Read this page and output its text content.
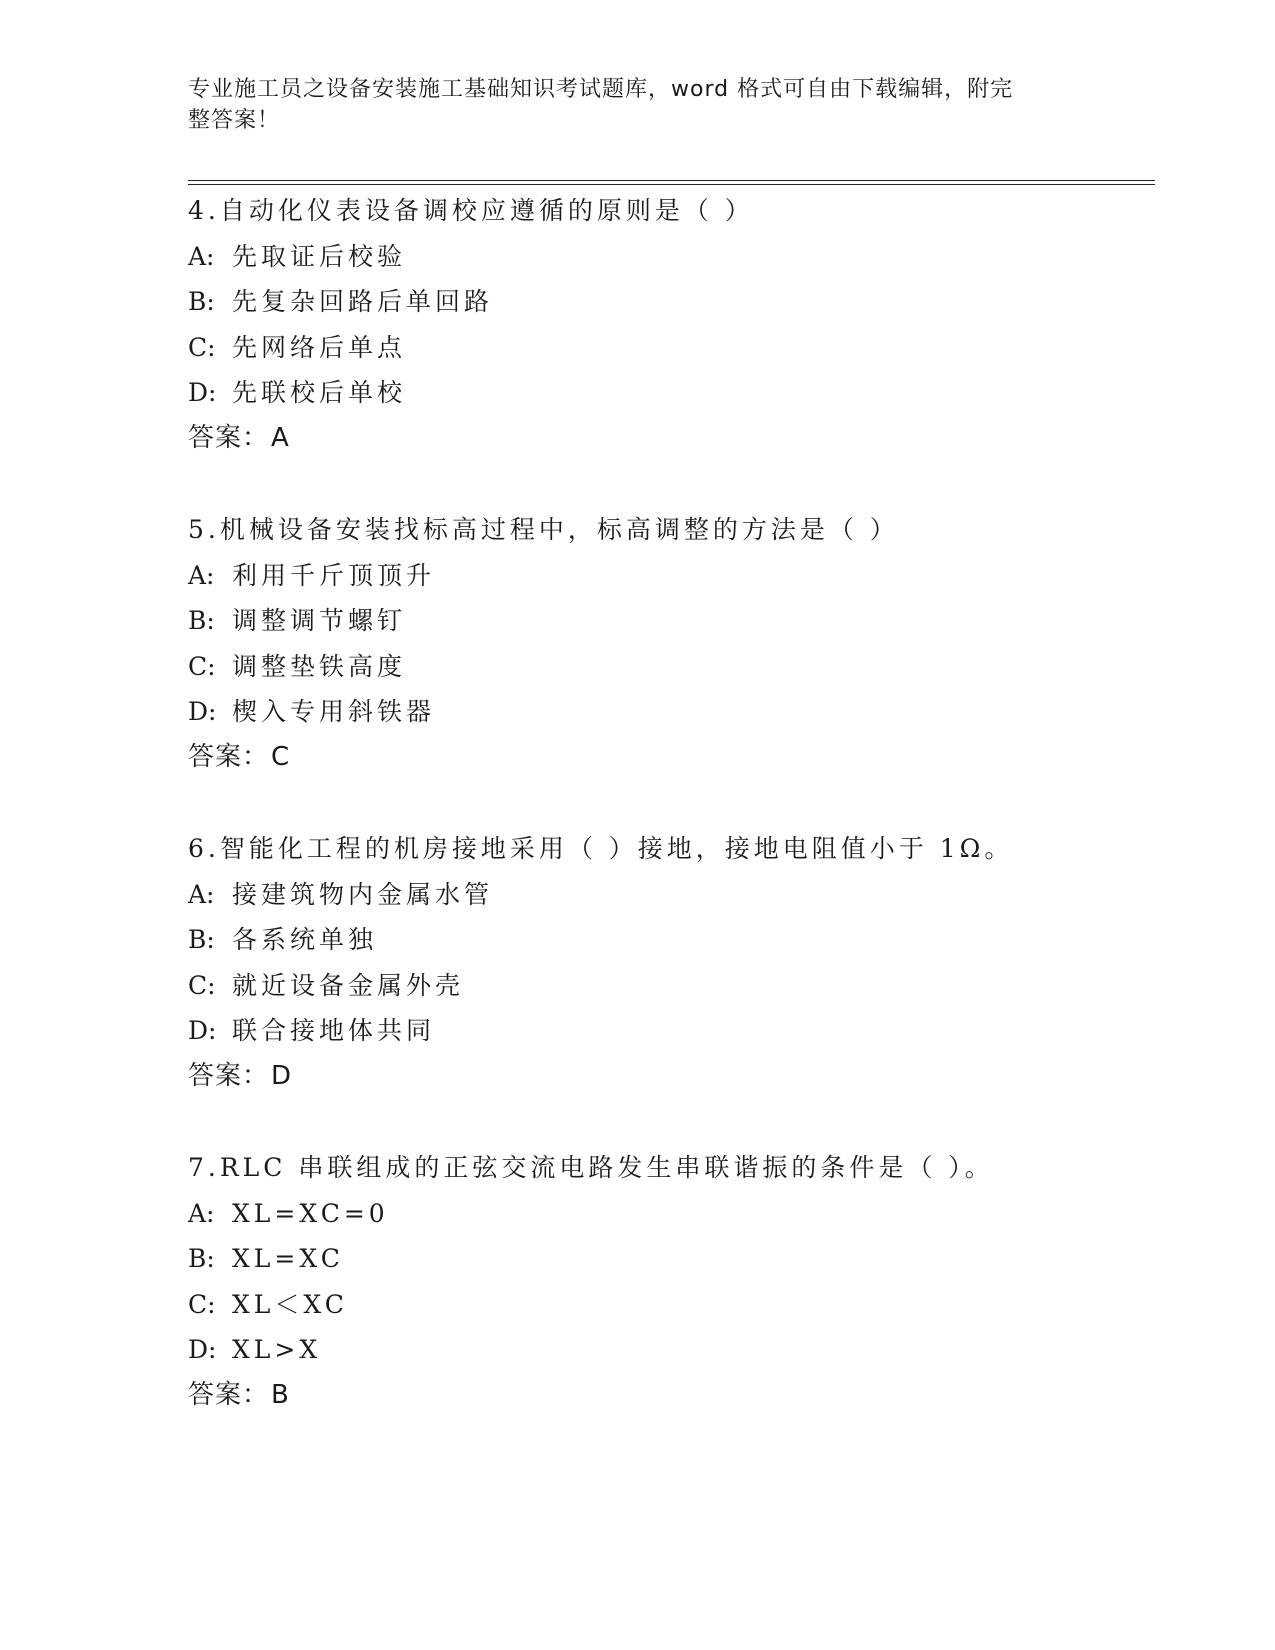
专业施工员之设备安装施工基础知识考试题库，word 格式可自由下载编辑，附完
整答案！
4.自动化仪表设备调校应遵循的原则是（ ）
A: 先取证后校验
B: 先复杂回路后单回路
C: 先网络后单点
D: 先联校后单校
答案：A
5.机械设备安装找标高过程中，标高调整的方法是（ ）
A: 利用千斤顶顶升
B: 调整调节螺钉
C: 调整垫铁高度
D: 楔入专用斜铁器
答案：C
6.智能化工程的机房接地采用（ ）接地，接地电阻值小于 1Ω。
A: 接建筑物内金属水管
B: 各系统单独
C: 就近设备金属外壳
D: 联合接地体共同
答案：D
7.RLC 串联组成的正弦交流电路发生串联谐振的条件是（ ）。
A: XL=XC=0
B: XL=XC
C: XL＜XC
D: XL>X
答案：B
